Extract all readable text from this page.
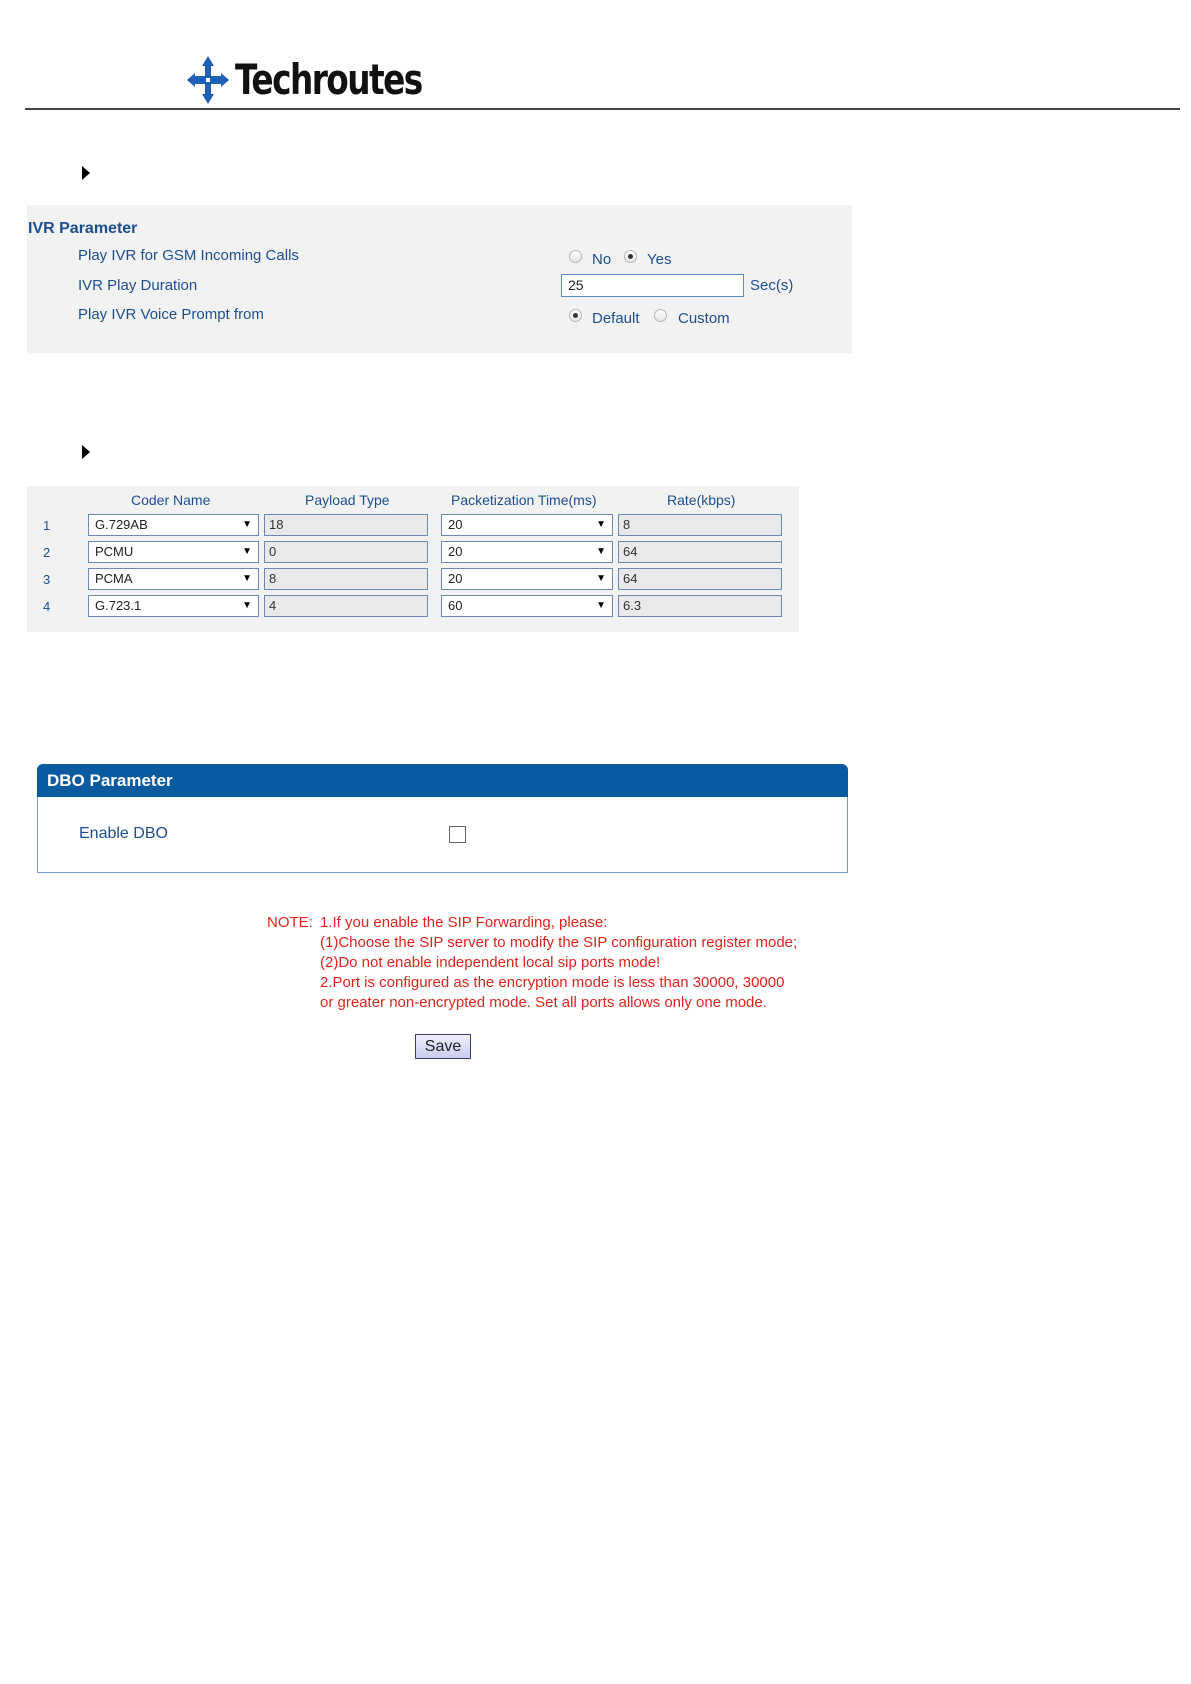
Techroutes
IVR Parameter
Play IVR for GSM Incoming Calls	No Yes
IVR Play Duration	25	Sec(s)
Play IVR Voice Prompt from	Default	Custom
Coder Name	Payload Type	Packetization Time(ms)	Rate(kbps)
1	G.729AB	▼	18	20	▼	8
2	PCMU	▼	0	20	▼	64
3	PCMA	▼	8	20	▼	64
4	G.723.1	▼	4	60	▼	6.3
DBO Parameter
Enable DBO
NOTE: 1.If you enable the SIP Forwarding, please:
(1)Choose the SIP server to modify the SIP configuration register mode;
(2)Do not enable independent local sip ports mode!
2.Port is configured as the encryption mode is less than 30000, 30000
or greater non-encrypted mode. Set all ports allows only one mode.
Save
